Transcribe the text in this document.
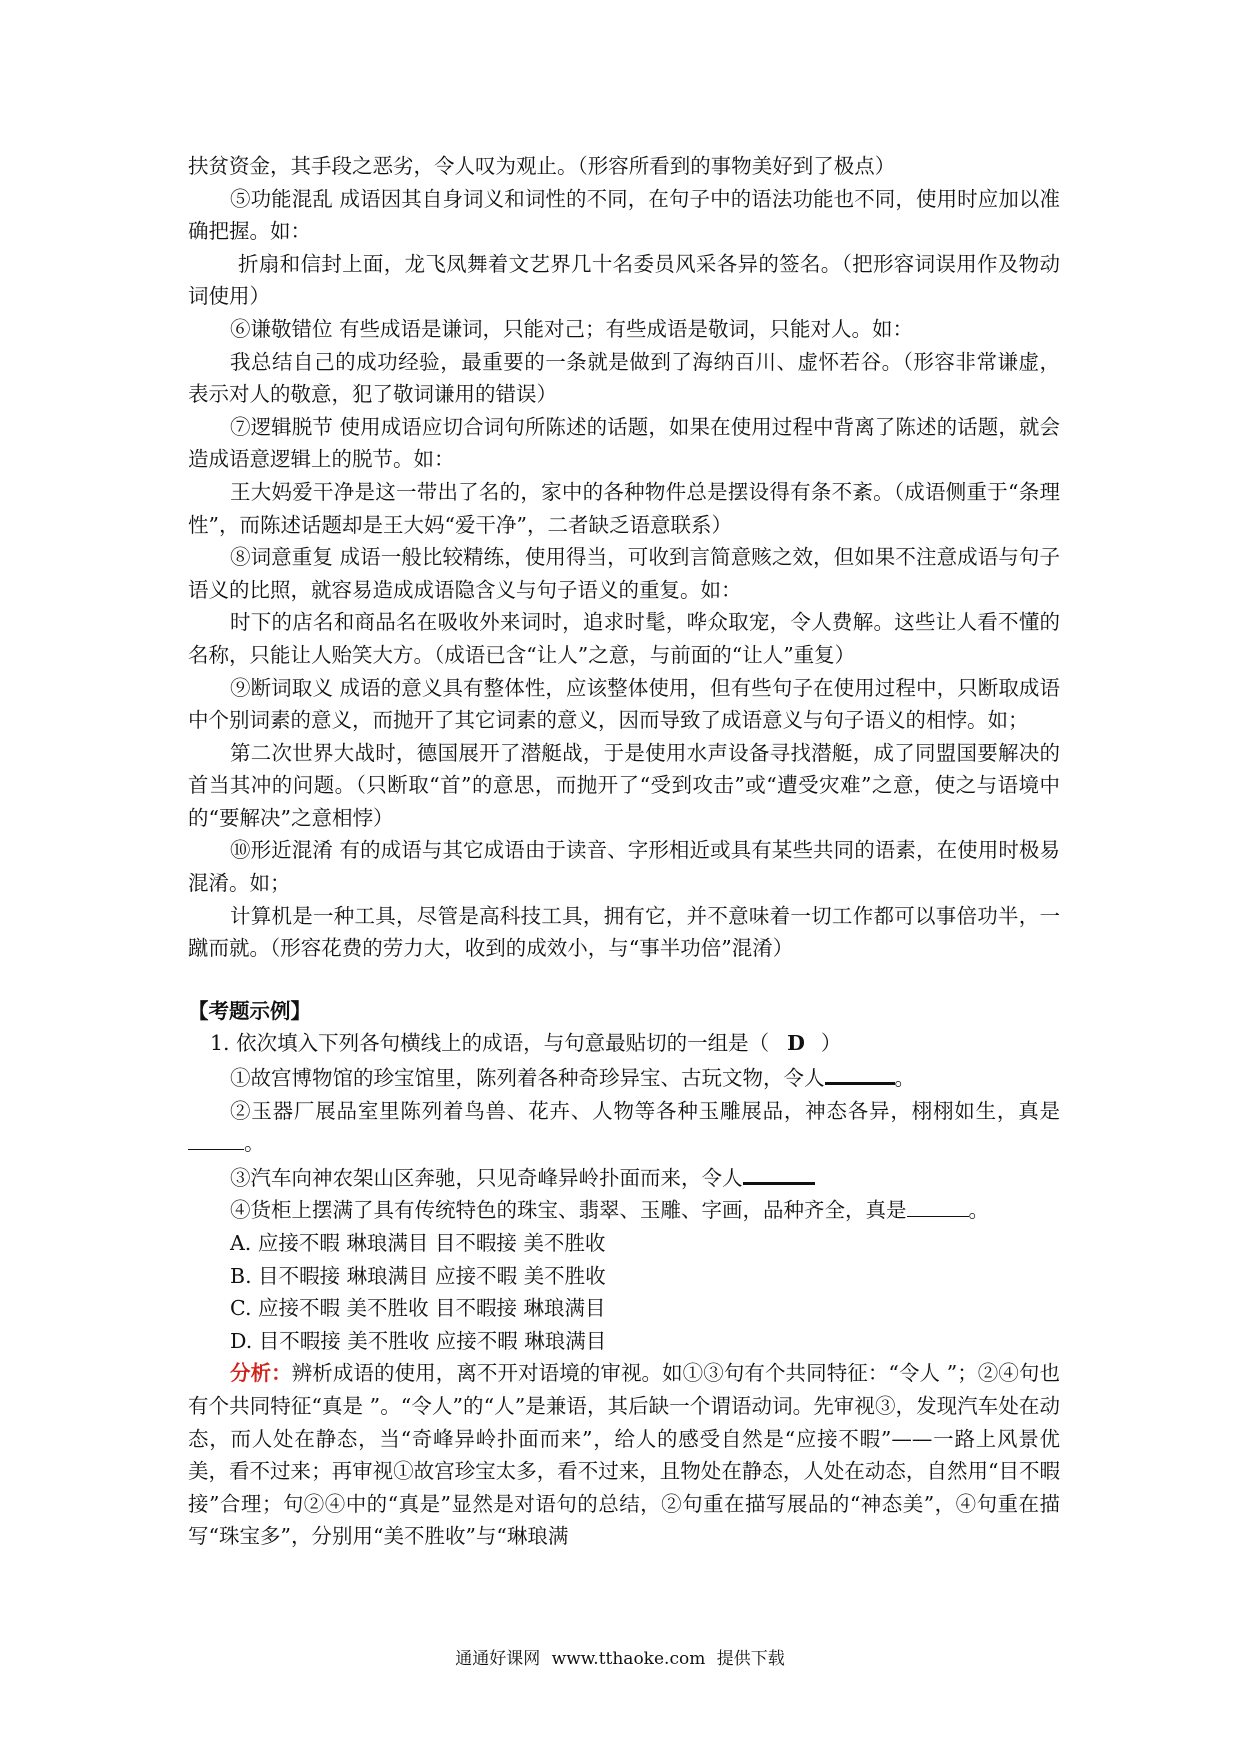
扶贫资金，其手段之恶劣，令人叹为观止。（形容所看到的事物美好到了极点）

⑤功能混乱 成语因其自身词义和词性的不同，在句子中的语法功能也不同，使用时应加以准确把握。如：

折扇和信封上面，龙飞凤舞着文艺界几十名委员风采各异的签名。（把形容词误用作及物动词使用）

⑥谦敬错位 有些成语是谦词，只能对己；有些成语是敬词，只能对人。如：

我总结自己的成功经验，最重要的一条就是做到了海纳百川、虚怀若谷。（形容非常谦虚，表示对人的敬意，犯了敬词谦用的错误）

⑦逻辑脱节 使用成语应切合词句所陈述的话题，如果在使用过程中背离了陈述的话题，就会造成语意逻辑上的脱节。如：

王大妈爱干净是这一带出了名的，家中的各种物件总是摆设得有条不紊。（成语侧重于“条理性”，而陈述话题却是王大妈“爱干净”，二者缺乏语意联系）

⑧词意重复 成语一般比较精练，使用得当，可收到言简意赅之效，但如果不注意成语与句子语义的比照，就容易造成成语隐含义与句子语义的重复。如：

时下的店名和商品名在吸收外来词时，追求时髦，哗众取宠，令人费解。这些让人看不懂的名称，只能让人贻笑大方。（成语已含“让人”之意，与前面的“让人”重复）

⑨断词取义 成语的意义具有整体性，应该整体使用，但有些句子在使用过程中，只断取成语中个别词素的意义，而抛开了其它词素的意义，因而导致了成语意义与句子语义的相悖。如；

第二次世界大战时，德国展开了潜艇战，于是使用水声设备寻找潜艇，成了同盟国要解决的首当其冲的问题。（只断取“首”的意思，而抛开了“受到攻击”或“遭受灾难”之意，使之与语境中的“要解决”之意相悖）

⑩形近混淆 有的成语与其它成语由于读音、字形相近或具有某些共同的语素，在使用时极易混淆。如；

计算机是一种工具，尽管是高科技工具，拥有它，并不意味着一切工作都可以事倍功半，一蹴而就。（形容花费的劳力大，收到的成效小，与“事半功倍”混淆）

【考题示例】

1. 依次填入下列各句横线上的成语，与句意最贴切的一组是（ D ）

①故宫博物馆的珍宝馆里，陈列着各种奇珍异宝、古玩文物，令人	。

②玉器厂展品室里陈列着鸟兽、花卉、人物等各种玉雕展品，神态各异，栩栩如生，真是。

③汽车向神农架山区奔驰，只见奇峰异岭扑面而来，令人

④货柜上摆满了具有传统特色的珠宝、翡翠、玉雕、字画，品种齐全，真是	。

A. 应接不暇 琳琅满目 目不暇接 美不胜收

B. 目不暇接 琳琅满目 应接不暇 美不胜收

C. 应接不暇 美不胜收 目不暇接 琳琅满目

D. 目不暇接 美不胜收 应接不暇 琳琅满目

分析：辨析成语的使用，离不开对语境的审视。如①③句有个共同特征：“令人 ”；②④句也有个共同特征“真是 ”。“令人”的“人”是兼语，其后缺一个谓语动词。先审视③，发现汽车处在动态，而人处在静态，当“奇峰异岭扑面而来”，给人的感受自然是“应接不暇”——一路上风景优美，看不过来；再审视①故宫珍宝太多，看不过来，且物处在静态，人处在动态，自然用“目不暇接”合理；句②④中的“真是”显然是对语句的总结，②句重在描写展品的“神态美”，④句重在描写“珠宝多”，分别用“美不胜收”与“琳琅满

通通好课网 www.tthaoke.com 提供下载
